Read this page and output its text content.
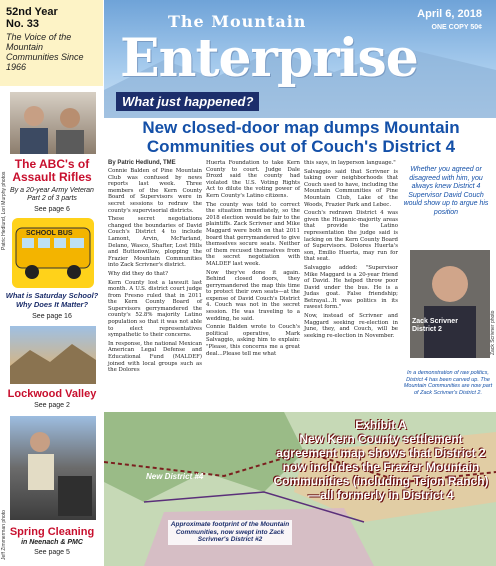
52nd Year
No. 33
The Voice of the Mountain Communities Since 1966
Patric Hedlund, Lori Murphy photos
The ABC's of Assault Rifles
By a 20-year Army Veteran Part 2 of 3 parts
See page 6
SCHOOL BUS
What is Saturday School? Why Does It Matter?
See page 16
Lockwood Valley
See page 2
Jeff Zimmerman photo Spring Cleaning
in Neenach & PMC
See page 5
The Mountain
Enterprise
April 6, 2018
ONE COPY 50¢
What just happened?
New closed-door map dumps Mountain Communities out of Couch's District 4
By Patric Hedlund, TME

Connie Balden of Pine Mountain Club was confused by news reports last week. Three members of the Kern County Board of Supervisors were in secret sessions to redraw the county's supervisorial districts.

These secret negotiations changed the boundaries of David Couch's District 4 to include Lamont, Arvin, McFarland, Delano, Wasco, Shafter, Lost Hills and Buttonwillow, plopping the Frazier Mountain Communities into Zack Scrivner's district.

Why did they do that?

Kern County lost a lawsuit last month. A U.S. district court judge from Fresno ruled that in 2011 the Kern County Board of Supervisors gerrymandered the county's 52.8% majority Latino population so that it was not able to elect representatives sympathetic to their concerns.

In response, the national Mexican American Legal Defense and Educational Fund (MALDEF) joined with local groups such as the Dolores

Huerta Foundation to take Kern County to court. Judge Dale Drozd said the county had violated the U.S. Voting Rights Act to dilute the voting power of Kern County's Latino citizens.

The county was told to correct the situation immediately, so the 2018 election would be fair to the plaintiffs. Zack Scrivner and Mike Maggard were both on that 2011 board that gerrymandered to give themselves secure seats. Neither of them recused themselves from the secret negotiation with MALDEF last week.

Now they've done it again. Behind closed doors, they gerrymandered the map this time to protect their own seats—at the expense of David Couch's District 4. Couch was not in the secret session. He was traveling to a wedding, he said.

Connie Balden wrote to Couch's political operative, Mark Salvaggio, asking him to explain: "Please, this concerns me a great deal...Please tell me what

this says, in layperson language."

Salvaggio said that Scrivner is taking over neighborhoods that Couch used to have, including the Mountain Communities of Pine Mountain Club, Lake of the Woods, Frazier Park and Lebec.

Couch's redrawn District 4 was given the Hispanic-majority areas that provide the Latino representation the judge said is lacking on the Kern County Board of Supervisors. Dolores Huerta's son, Emilio Huerta, may run for that seat.

Salvaggio added: "Supervisor Mike Maggard is a 20-year friend of David. He helped throw poor David under the bus. He is a Judas goat. False friendship; Betrayal...It was politics in its rawest form."

Now, instead of Scrivner and Maggard seeking re-election in June, they, and Couch, will be seeking re-election in November.

Whether you agreed or disagreed with him, you always knew District 4 Supervisor David Couch would show up to argue his position
Zack Scrivner District 2	Zack Scrivner photo
In a demonstration of raw politics, District 4 has been carved up. The Mountain Communities are now part of Zack Scrivner's District 2.
Exhibit A
New Kern County settlement agreement map shows that District 2 now includes the Frazier Mountain Communities (including Tejon Ranch)—all formerly in District 4
New District #4
Approximate footprint of the Mountain Communities, now swept into Zack Scrivner's District #2
